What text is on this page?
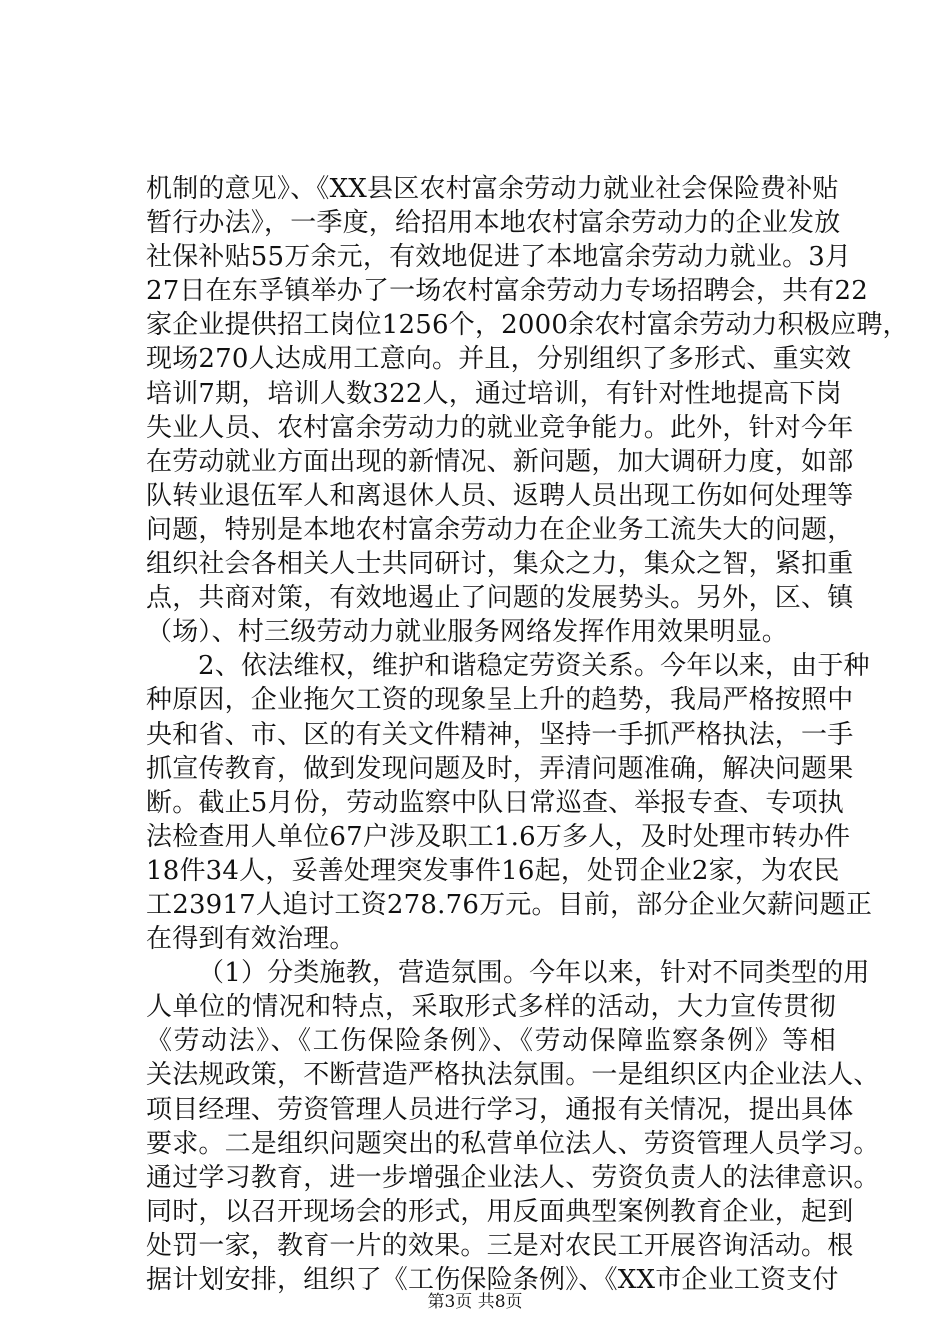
机制的意见》、《XX县区农村富余劳动力就业社会保险费补贴
暂行办法》，一季度，给招用本地农村富余劳动力的企业发放
社保补贴55万余元，有效地促进了本地富余劳动力就业。3月
27日在东孚镇举办了一场农村富余劳动力专场招聘会，共有22
家企业提供招工岗位1256个，2000余农村富余劳动力积极应聘，
现场270人达成用工意向。并且，分别组织了多形式、重实效
培训7期，培训人数322人，通过培训，有针对性地提高下岗
失业人员、农村富余劳动力的就业竞争能力。此外，针对今年
在劳动就业方面出现的新情况、新问题，加大调研力度，如部
队转业退伍军人和离退休人员、返聘人员出现工伤如何处理等
问题，特别是本地农村富余劳动力在企业务工流失大的问题，
组织社会各相关人士共同研讨，集众之力，集众之智，紧扣重
点，共商对策，有效地遏止了问题的发展势头。另外，区、镇
（场）、村三级劳动力就业服务网络发挥作用效果明显。
2、依法维权，维护和谐稳定劳资关系。今年以来，由于种
种原因，企业拖欠工资的现象呈上升的趋势，我局严格按照中
央和省、市、区的有关文件精神，坚持一手抓严格执法，一手
抓宣传教育，做到发现问题及时，弄清问题准确，解决问题果
断。截止5月份，劳动监察中队日常巡查、举报专查、专项执
法检查用人单位67户涉及职工1.6万多人，及时处理市转办件
18件34人，妥善处理突发事件16起，处罚企业2家，为农民
工23917人追讨工资278.76万元。目前，部分企业欠薪问题正
在得到有效治理。
（1）分类施教，营造氛围。今年以来，针对不同类型的用
人单位的情况和特点，采取形式多样的活动，大力宣传贯彻
《劳动法》、《工伤保险条例》、《劳动保障监察条例》等相
关法规政策，不断营造严格执法氛围。一是组织区内企业法人、
项目经理、劳资管理人员进行学习，通报有关情况，提出具体
要求。二是组织问题突出的私营单位法人、劳资管理人员学习。
通过学习教育，进一步增强企业法人、劳资负责人的法律意识。
同时，以召开现场会的形式，用反面典型案例教育企业，起到
处罚一家，教育一片的效果。三是对农民工开展咨询活动。根
据计划安排，组织了《工伤保险条例》、《XX市企业工资支付
第3页 共8页
